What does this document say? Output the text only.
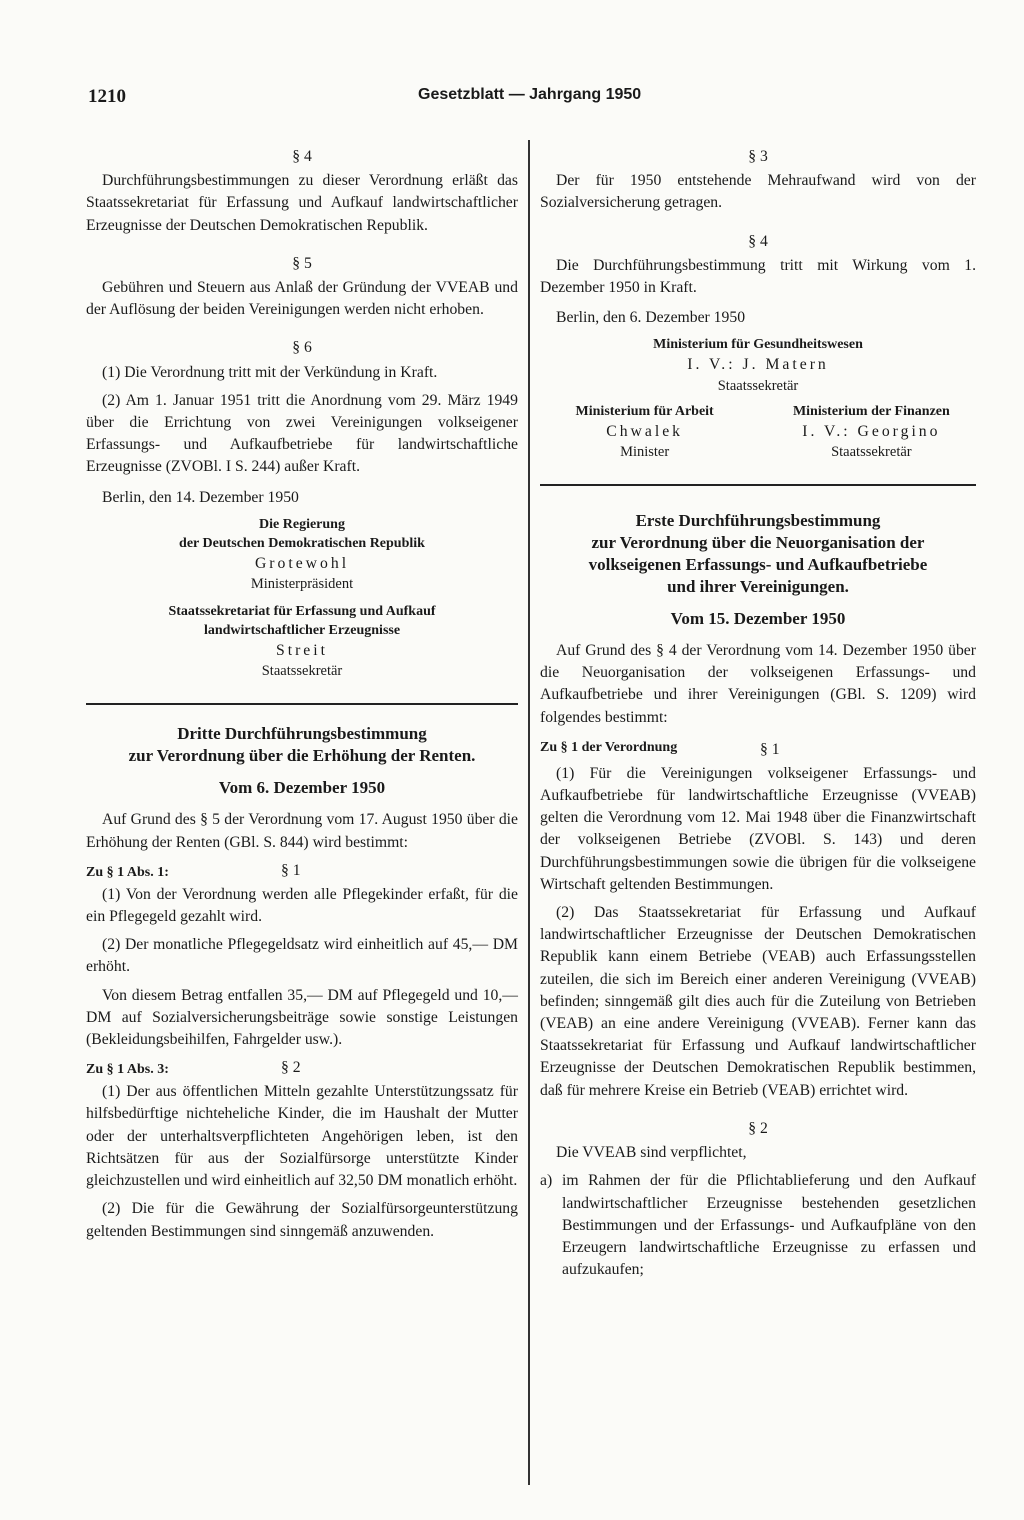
1210	Gesetzblatt — Jahrgang 1950
§ 4

Durchführungsbestimmungen zu dieser Verordnung erläßt das Staatssekretariat für Erfassung und Aufkauf landwirtschaftlicher Erzeugnisse der Deutschen Demokratischen Republik.

§ 5

Gebühren und Steuern aus Anlaß der Gründung der VVEAB und der Auflösung der beiden Vereinigungen werden nicht erhoben.

§ 6

(1) Die Verordnung tritt mit der Verkündung in Kraft.

(2) Am 1. Januar 1951 tritt die Anordnung vom 29. März 1949 über die Errichtung von zwei Vereinigungen volkseigener Erfassungs- und Aufkaufbetriebe für landwirtschaftliche Erzeugnisse (ZVOBl. I S. 244) außer Kraft.

Berlin, den 14. Dezember 1950

Die Regierung
der Deutschen Demokratischen Republik
Grotewohl
Ministerpräsident
Staatssekretariat für Erfassung und Aufkauf
landwirtschaftlicher Erzeugnisse
Streit
Staatssekretär
Dritte Durchführungsbestimmung
zur Verordnung über die Erhöhung der Renten.
Vom 6. Dezember 1950

Auf Grund des § 5 der Verordnung vom 17. August 1950 über die Erhöhung der Renten (GBl. S. 844) wird bestimmt:

Zu § 1 Abs. 1:	§ 1

(1) Von der Verordnung werden alle Pflegekinder erfaßt, für die ein Pflegegeld gezahlt wird.

(2) Der monatliche Pflegegeldsatz wird einheitlich auf 45,— DM erhöht.

Von diesem Betrag entfallen 35,— DM auf Pflegegeld und 10,— DM auf Sozialversicherungsbeiträge sowie sonstige Leistungen (Bekleidungsbeihilfen, Fahrgelder usw.).

Zu § 1 Abs. 3:	§ 2

(1) Der aus öffentlichen Mitteln gezahlte Unterstützungssatz für hilfsbedürftige nichteheliche Kinder, die im Haushalt der Mutter oder der unterhaltsverpflichteten Angehörigen leben, ist den Richtsätzen für aus der Sozialfürsorge unterstützte Kinder gleichzustellen und wird einheitlich auf 32,50 DM monatlich erhöht.

(2) Die für die Gewährung der Sozialfürsorgeunterstützung geltenden Bestimmungen sind sinngemäß anzuwenden.

§ 3

Der für 1950 entstehende Mehraufwand wird von der Sozialversicherung getragen.

§ 4

Die Durchführungsbestimmung tritt mit Wirkung vom 1. Dezember 1950 in Kraft.

Berlin, den 6. Dezember 1950

Ministerium für Gesundheitswesen
I. V.: J. Matern
Staatssekretär
Ministerium für Arbeit
Chwalek
Minister
Ministerium der Finanzen
I. V.: Georgino
Staatssekretär
Erste Durchführungsbestimmung
zur Verordnung über die Neuorganisation der
volkseigenen Erfassungs- und Aufkaufbetriebe
und ihrer Vereinigungen.
Vom 15. Dezember 1950

Auf Grund des § 4 der Verordnung vom 14. Dezember 1950 über die Neuorganisation der volkseigenen Erfassungs- und Aufkaufbetriebe und ihrer Vereinigungen (GBl. S. 1209) wird folgendes bestimmt:

Zu § 1 der Verordnung	§ 1

(1) Für die Vereinigungen volkseigener Erfassungs- und Aufkaufbetriebe für landwirtschaftliche Erzeugnisse (VVEAB) gelten die Verordnung vom 12. Mai 1948 über die Finanzwirtschaft der volkseigenen Betriebe (ZVOBl. S. 143) und deren Durchführungsbestimmungen sowie die übrigen für die volkseigene Wirtschaft geltenden Bestimmungen.

(2) Das Staatssekretariat für Erfassung und Aufkauf landwirtschaftlicher Erzeugnisse der Deutschen Demokratischen Republik kann einem Betriebe (VEAB) auch Erfassungsstellen zuteilen, die sich im Bereich einer anderen Vereinigung (VVEAB) befinden; sinngemäß gilt dies auch für die Zuteilung von Betrieben (VEAB) an eine andere Vereinigung (VVEAB). Ferner kann das Staatssekretariat für Erfassung und Aufkauf landwirtschaftlicher Erzeugnisse der Deutschen Demokratischen Republik bestimmen, daß für mehrere Kreise ein Betrieb (VEAB) errichtet wird.

§ 2

Die VVEAB sind verpflichtet,

a) im Rahmen der für die Pflichtablieferung und den Aufkauf landwirtschaftlicher Erzeugnisse bestehenden gesetzlichen Bestimmungen und der Erfassungs- und Aufkaufpläne von den Erzeugern landwirtschaftliche Erzeugnisse zu erfassen und aufzukaufen;
